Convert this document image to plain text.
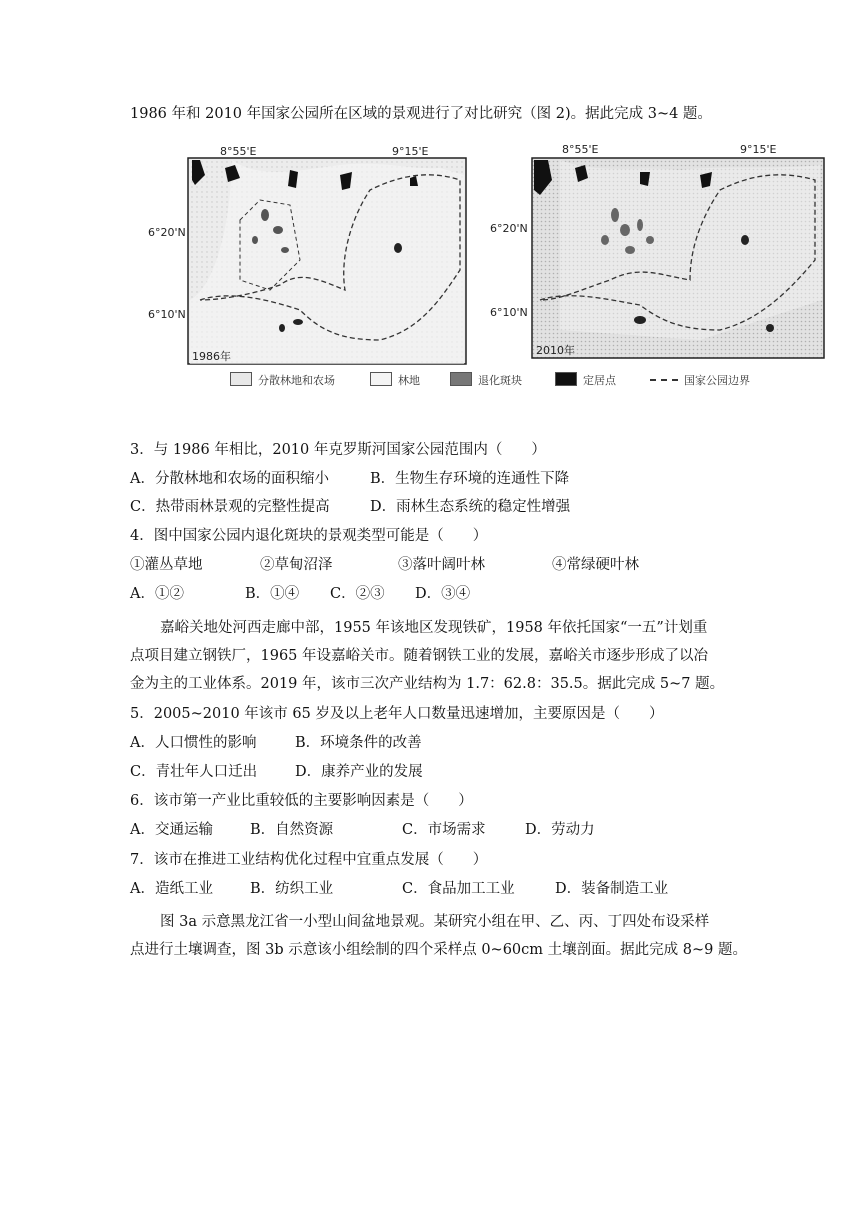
1986 年和 2010 年国家公园所在区域的景观进行了对比研究（图 2)。据此完成 3~4 题。
8°55'E	9°15'E
6°20'N
6°10'N
1986年
8°55'E	9°15'E
6°20'N
6°10'N
2010年
分散林地和农场	林地	退化斑块	定居点	国家公园边界
3．与 1986 年相比，2010 年克罗斯河国家公园范围内（　　）
A．分散林地和农场的面积缩小	B．生物生存环境的连通性下降
C．热带雨林景观的完整性提高	D．雨林生态系统的稳定性增强
4．图中国家公园内退化斑块的景观类型可能是（　　）
①灌丛草地	②草甸沼泽	③落叶阔叶林	④常绿硬叶林
A．①②	B．①④ C．②③ D．③④
嘉峪关地处河西走廊中部，1955 年该地区发现铁矿，1958 年依托国家“一五”计划重
点项目建立钢铁厂，1965 年设嘉峪关市。随着钢铁工业的发展，嘉峪关市逐步形成了以冶
金为主的工业体系。2019 年，该市三次产业结构为 1.7：62.8：35.5。据此完成 5~7 题。
5．2005~2010 年该市 65 岁及以上老年人口数量迅速增加，主要原因是（　　）
A．人口惯性的影响	B．环境条件的改善
C．青壮年人口迁出	D．康养产业的发展
6．该市第一产业比重较低的主要影响因素是（　　）
A．交通运输	B．自然资源	C．市场需求	D．劳动力
7．该市在推进工业结构优化过程中宜重点发展（　　）
A．造纸工业	B．纺织工业	C．食品加工工业	D．装备制造工业
图 3a 示意黑龙江省一小型山间盆地景观。某研究小组在甲、乙、丙、丁四处布设采样
点进行土壤调查，图 3b 示意该小组绘制的四个采样点 0~60cm 土壤剖面。据此完成 8~9 题。
